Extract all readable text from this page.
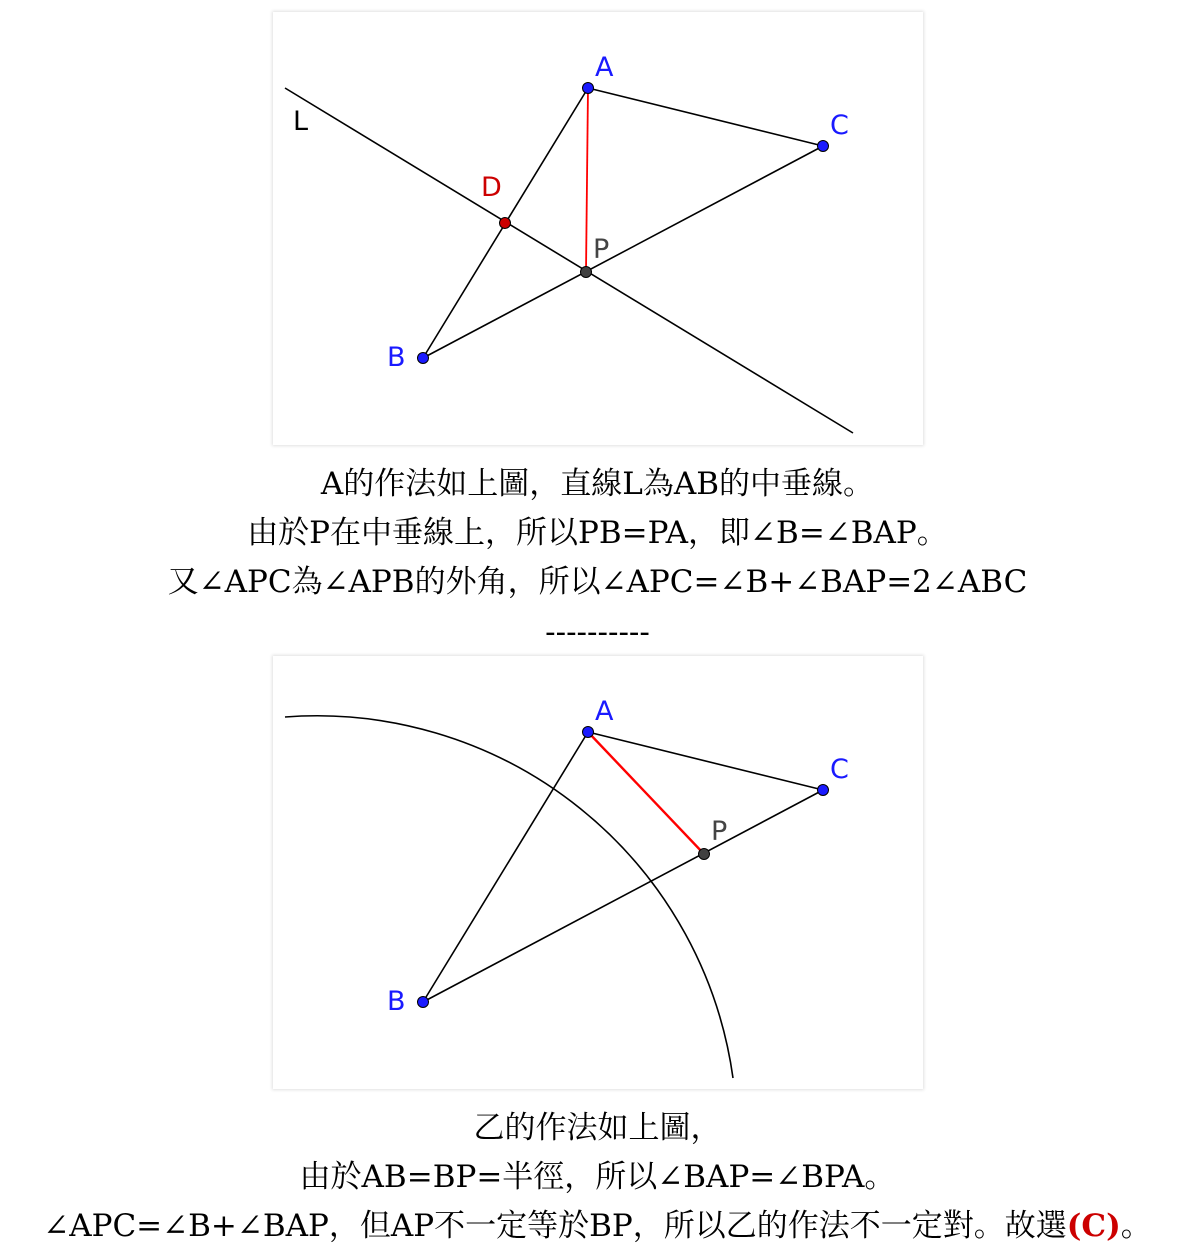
A
B
C
D
P
L
A的作法如上圖，直線L為AB的中垂線。
由於P在中垂線上，所以PB=PA，即∠B=∠BAP。
又∠APC為∠APB的外角，所以∠APC=∠B+∠BAP=2∠ABC
----------
A
B
C
P
乙的作法如上圖，
由於AB=BP=半徑，所以∠BAP=∠BPA。
∠APC=∠B+∠BAP，但AP不一定等於BP，所以乙的作法不一定對。故選(C)。
